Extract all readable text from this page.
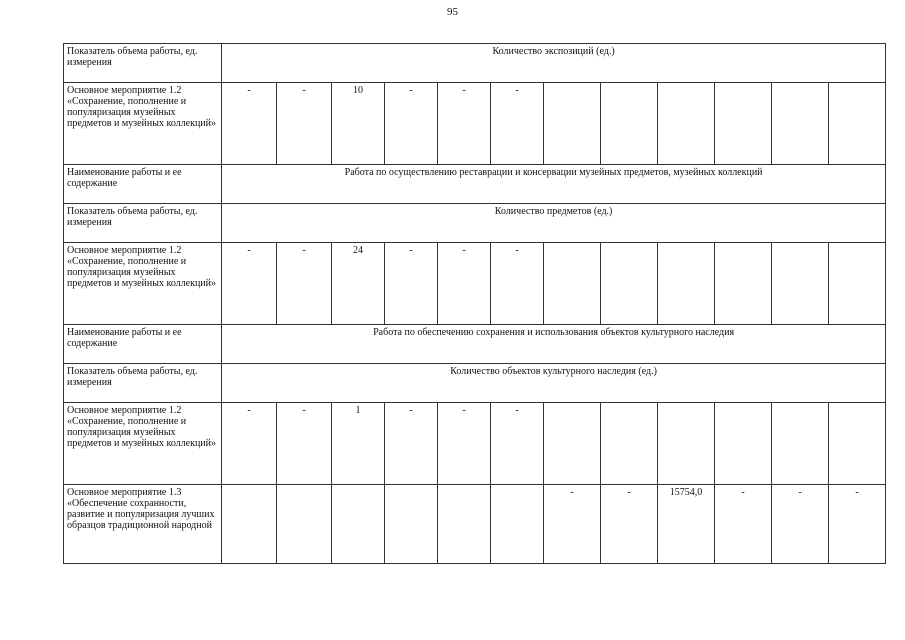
95
Показатель объема работы, ед. измерения	Количество экспозиций (ед.)											
Основное мероприятие 1.2 «Сохранение, пополнение и популяризация музейных предметов и музейных коллекций»	-	-	10	-	-	-						
Наименование работы и ее содержание	Работа по осуществлению реставрации и консервации музейных предметов, музейных коллекций											
Показатель объема работы, ед. измерения	Количество предметов (ед.)											
Основное мероприятие 1.2 «Сохранение, пополнение и популяризация музейных предметов и музейных коллекций»	-	-	24	-	-	-						
Наименование работы и ее содержание	Работа по обеспечению сохранения и использования объектов культурного наследия											
Показатель объема работы, ед. измерения	Количество объектов культурного наследия (ед.)											
Основное мероприятие 1.2 «Сохранение, пополнение и популяризация музейных предметов и музейных коллекций»	-	-	1	-	-	-						
Основное мероприятие 1.3 «Обеспечение сохранности, развитие и популяризация лучших образцов традиционной народной							-	-	15754,0	-	-	-
